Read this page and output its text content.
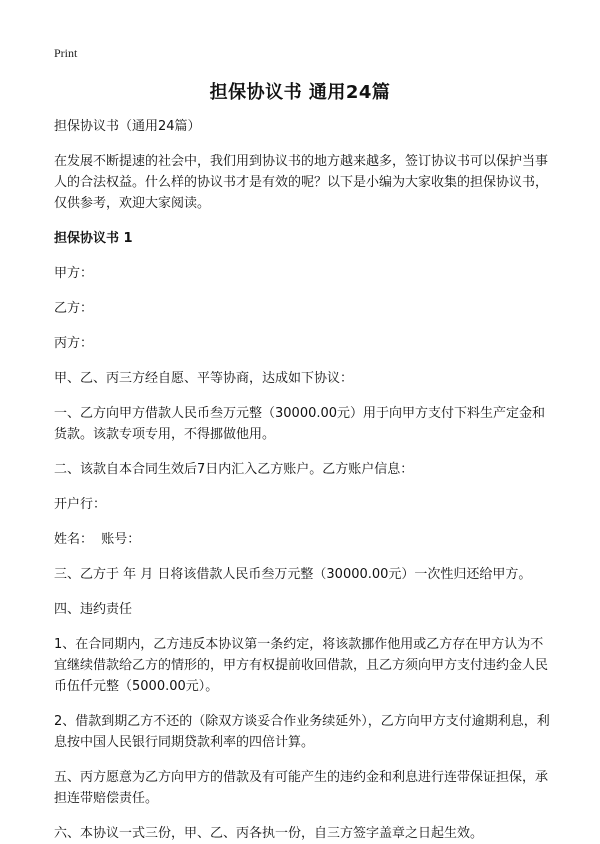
Print
担保协议书 通用24篇

担保协议书（通用24篇）

在发展不断提速的社会中，我们用到协议书的地方越来越多，签订协议书可以保护当事人的合法权益。什么样的协议书才是有效的呢？以下是小编为大家收集的担保协议书，仅供参考，欢迎大家阅读。

担保协议书 1

甲方：

乙方：

丙方：

甲、乙、丙三方经自愿、平等协商，达成如下协议：

一、乙方向甲方借款人民币叁万元整（30000.00元）用于向甲方支付下料生产定金和货款。该款专项专用，不得挪做他用。

二、该款自本合同生效后7日内汇入乙方账户。乙方账户信息：

开户行：

姓名：  账号：

三、乙方于 年 月 日将该借款人民币叁万元整（30000.00元）一次性归还给甲方。

四、违约责任

1、在合同期内，乙方违反本协议第一条约定，将该款挪作他用或乙方存在甲方认为不宜继续借款给乙方的情形的，甲方有权提前收回借款，且乙方须向甲方支付违约金人民币伍仟元整（5000.00元）。

2、借款到期乙方不还的（除双方谈妥合作业务续延外），乙方向甲方支付逾期利息，利息按中国人民银行同期贷款利率的四倍计算。

五、丙方愿意为乙方向甲方的借款及有可能产生的违约金和利息进行连带保证担保，承担连带赔偿责任。

六、本协议一式三份，甲、乙、丙各执一份，自三方签字盖章之日起生效。
